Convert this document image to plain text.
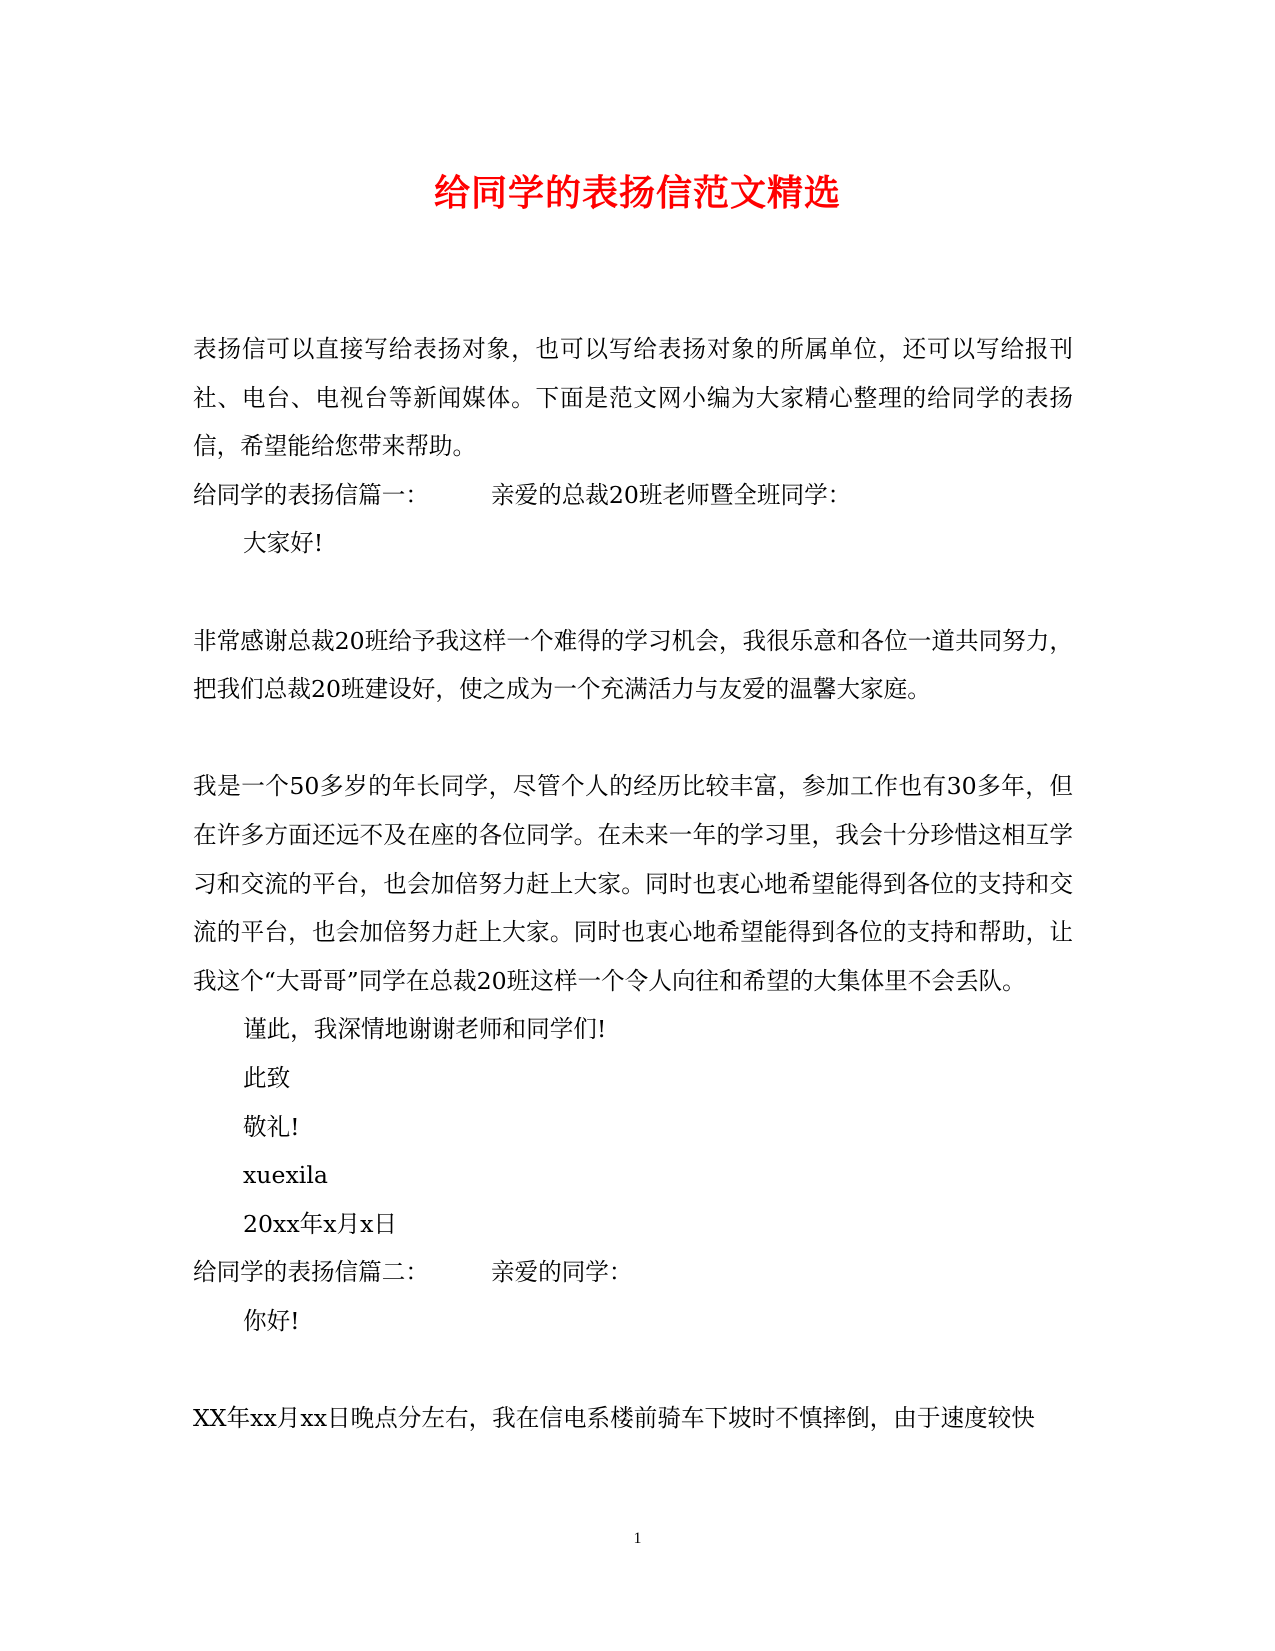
给同学的表扬信范文精选

表扬信可以直接写给表扬对象，也可以写给表扬对象的所属单位，还可以写给报刊社、电台、电视台等新闻媒体。下面是范文网小编为大家精心整理的给同学的表扬信，希望能给您带来帮助。

给同学的表扬信篇一：	亲爱的总裁20班老师暨全班同学：

大家好!

非常感谢总裁20班给予我这样一个难得的学习机会，我很乐意和各位一道共同努力，把我们总裁20班建设好，使之成为一个充满活力与友爱的温馨大家庭。

我是一个50多岁的年长同学，尽管个人的经历比较丰富，参加工作也有30多年，但在许多方面还远不及在座的各位同学。在未来一年的学习里，我会十分珍惜这相互学习和交流的平台，也会加倍努力赶上大家。同时也衷心地希望能得到各位的支持和交流的平台，也会加倍努力赶上大家。同时也衷心地希望能得到各位的支持和帮助，让我这个“大哥哥”同学在总裁20班这样一个令人向往和希望的大集体里不会丢队。

谨此，我深情地谢谢老师和同学们!

此致

敬礼!

xuexila

20xx年x月x日

给同学的表扬信篇二：	亲爱的同学：

你好!

XX年xx月xx日晚点分左右，我在信电系楼前骑车下坡时不慎摔倒，由于速度较快

1
